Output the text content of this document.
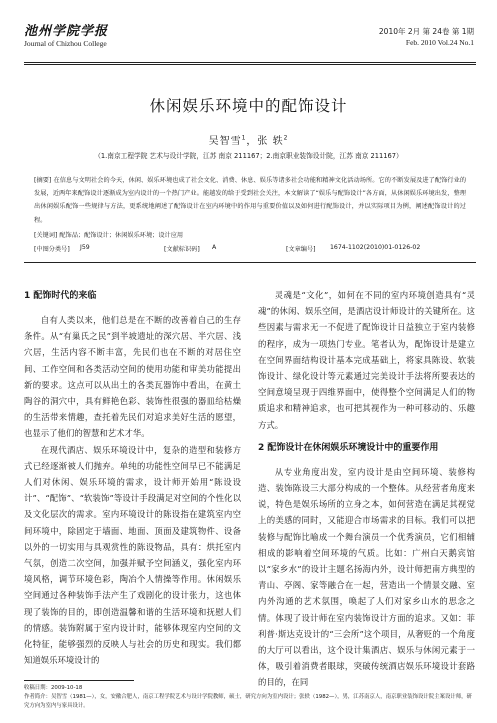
池州学院学报
Journal of Chizhou College
2010年 2月 第 24卷 第 1期
Feb. 2010 Vol.24 No.1
休闲娱乐环境中的配饰设计
吴智雪$^1$，张 轶$^2$
（1.南京工程学院 艺术与设计学院，江苏 南京 211167；2.南京职业装饰设计院，江苏 南京 211167）
[摘要] 在信息与文明社会的今天，休闲、娱乐环境也成了社会文化、消费、休息、娱乐等诸多社会功能和精神文化活动场所。它的不断发展及进了配饰行业的发展，近两年来配饰设计逐渐成为室内设计的一个热门产业。能越发的给于受到社会关注，本文解读了“娱乐与配饰设计”各方面，从休闲娱乐环境出发，整理出休闲娱乐配饰一些规律与方法，更系统地阐述了配饰设计在室内环境中的作用与重要价值以及如何进行配饰设计，并以实际项目为例，阐述配饰设计的过程。
[关键词] 配饰品；配饰设计；休闲娱乐环境；设计应用
[中图分类号] J59	[文献标识码] A	[文章编号] 1674-1102(2010)01-0126-02
1 配饰时代的来临

自有人类以来，他们总是在不断的改善着自己的生存条件。从“有巢氏之民”到半坡遗址的深穴居、半穴居、浅穴居，生活内容不断丰富，先民们也在不断的对居住空间、工作空间和各类活动空间的使用功能和审美功能提出新的要求。这点可以从出土的各类瓦器饰中看出，在黄土陶谷的洞穴中，具有鲜艳色彩、装饰性很强的器皿给枯燥的生活带来情趣，查托着先民们对追求美好生活的愿望，也显示了他们的智慧和艺术才华。

在现代酒店、娱乐环境设计中，复杂的造型和装修方式已经逐渐被人们抛弃。单纯的功能性空间早已不能满足人们对休闲、娱乐环境的需求，设计师开始用“陈设设计”、“配饰”、“软装饰”等设计手段满足对空间的个性化以及文化层次的需求。室内环境设计的陈设指在建筑室内空间环境中，除固定于墙面、地面、顶面及建筑物件、设备以外的一切实用与具观赏性的陈设物品，具有：烘托室内气氛，创造二次空间，加强并赋予空间涵义，强化室内环境风格，调节环境色彩，陶冶个人情操等作用。休闲娱乐空间通过各种装饰手法产生了戏剧化的设计张力，这也体现了装饰的目的，即创造温馨和谐的生活环境和抚慰人们的情感。装饰附属于室内设计时，能够体现室内空间的文化特征，能够强烈的反映人与社会的历史和现实。我们都知道娱乐环境设计的

灵魂是“文化”，如何在不同的室内环境创造具有“灵魂”的休闲、娱乐空间，是酒店设计师设计的关键所在。这些因素与需求无一不促进了配饰设计日益独立于室内装修的程序，成为一项热门专业。笔者认为，配饰设计是建立在空间界面结构设计基本完成基础上，将家具陈设、软装饰设计、绿化设计等元素通过完美设计手法将所要表达的空间意境呈现于四维界面中，使得整个空间满足人们的物质追求和精神追求，也可把其视作为一种可移动的、乐趣方式。

2 配饰设计在休闲娱乐环境设计中的重要作用

从专业角度出发，室内设计是由空间环境、装修构造、装饰陈设三大部分构成的一个整体。从经营者角度来说，特色是娱乐场所的立身之本，如何营造在满足其视觉上的美感的同时，又能迎合市场需求的目标。我们可以把装修与配饰比喻成一个舞台演员一个优秀演员，它们相辅相成的影响着空间环境的气质。比如：广州白天鹅宾馆以“家乡水”的设计主题名扬海内外，设计师把南方典型的青山、亭阁、家等融合在一起，营造出一个情景交融、室内外沟通的艺术氛围，唤起了人们对家乡山水的思念之情。体现了设计师在室内装饰设计方面的追求。又如：菲利普·斯达克设计的“三会所”这个项目，从奢贬的一个角度的大厅可以看出，这个设计集酒店、娱乐与休闲元素于一体，吸引着消费者眼球，突破传统酒店娱乐环境设计套路的目的，在同

收稿日期：2009-10-18
作者简介：吴智雪（1981—），女，安徽合肥人，南京工程学院艺术与设计学院教师，硕士，研究方向为室内设计；张轶（1982—），男，江苏南京人，南京职业装饰设计院主案设计师，研究方向为室内与家具设计。
